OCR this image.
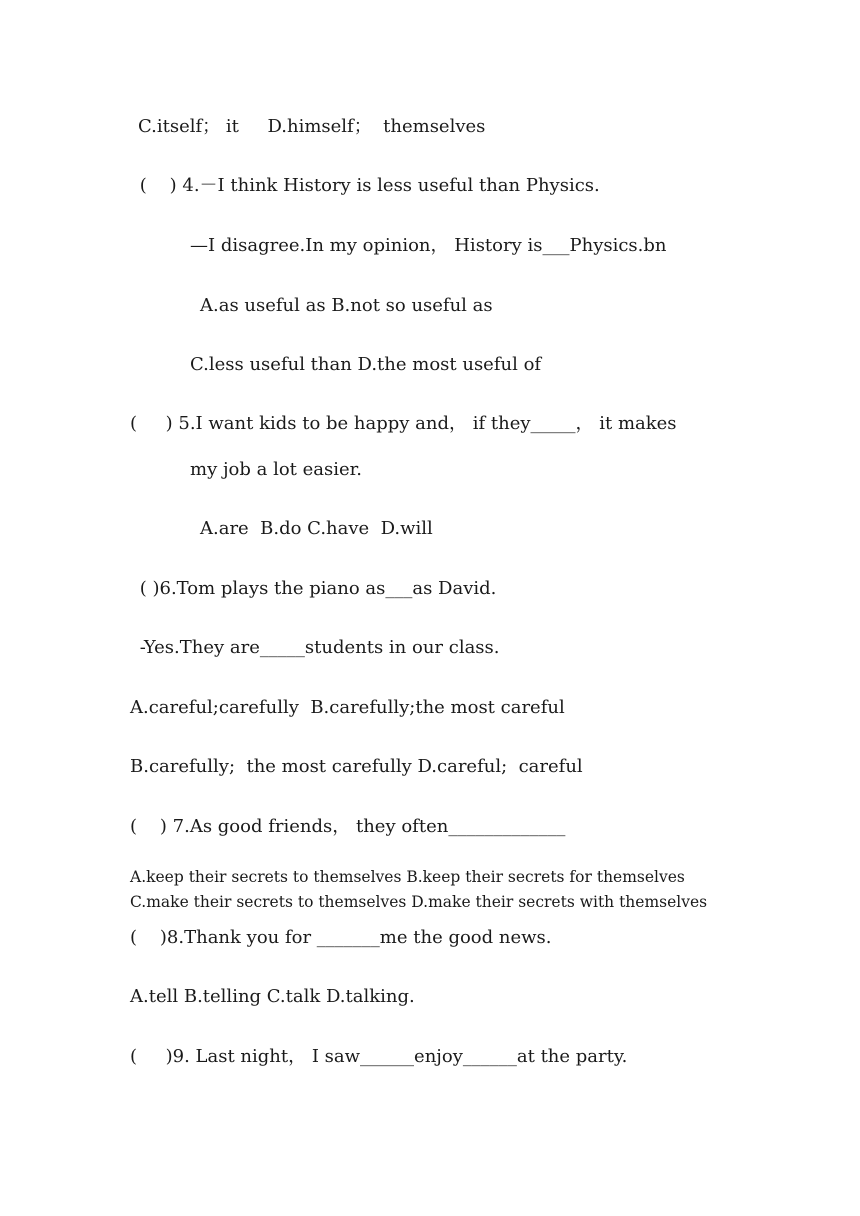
C.itself； it     D.himself；  themselves
(    ) 4.－I think History is less useful than Physics.
—I disagree.In my opinion， History is___Physics.bn
A.as useful as B.not so useful as
C.less useful than D.the most useful of
(     ) 5.I want kids to be happy and， if they_____， it makes
my job a lot easier.
A.are  B.do C.have  D.will
( )6.Tom plays the piano as___as David.
-Yes.They are_____students in our class.
A.careful;carefully  B.carefully;the most careful
B.carefully;  the most carefully D.careful;  careful
(    ) 7.As good friends， they often_____________
A.keep their secrets to themselves B.keep their secrets for themselves
C.make their secrets to themselves D.make their secrets with themselves
(    )8.Thank you for _______me the good news.
A.tell B.telling C.talk D.talking.
(     )9. Last night， I saw______enjoy______at the party.
